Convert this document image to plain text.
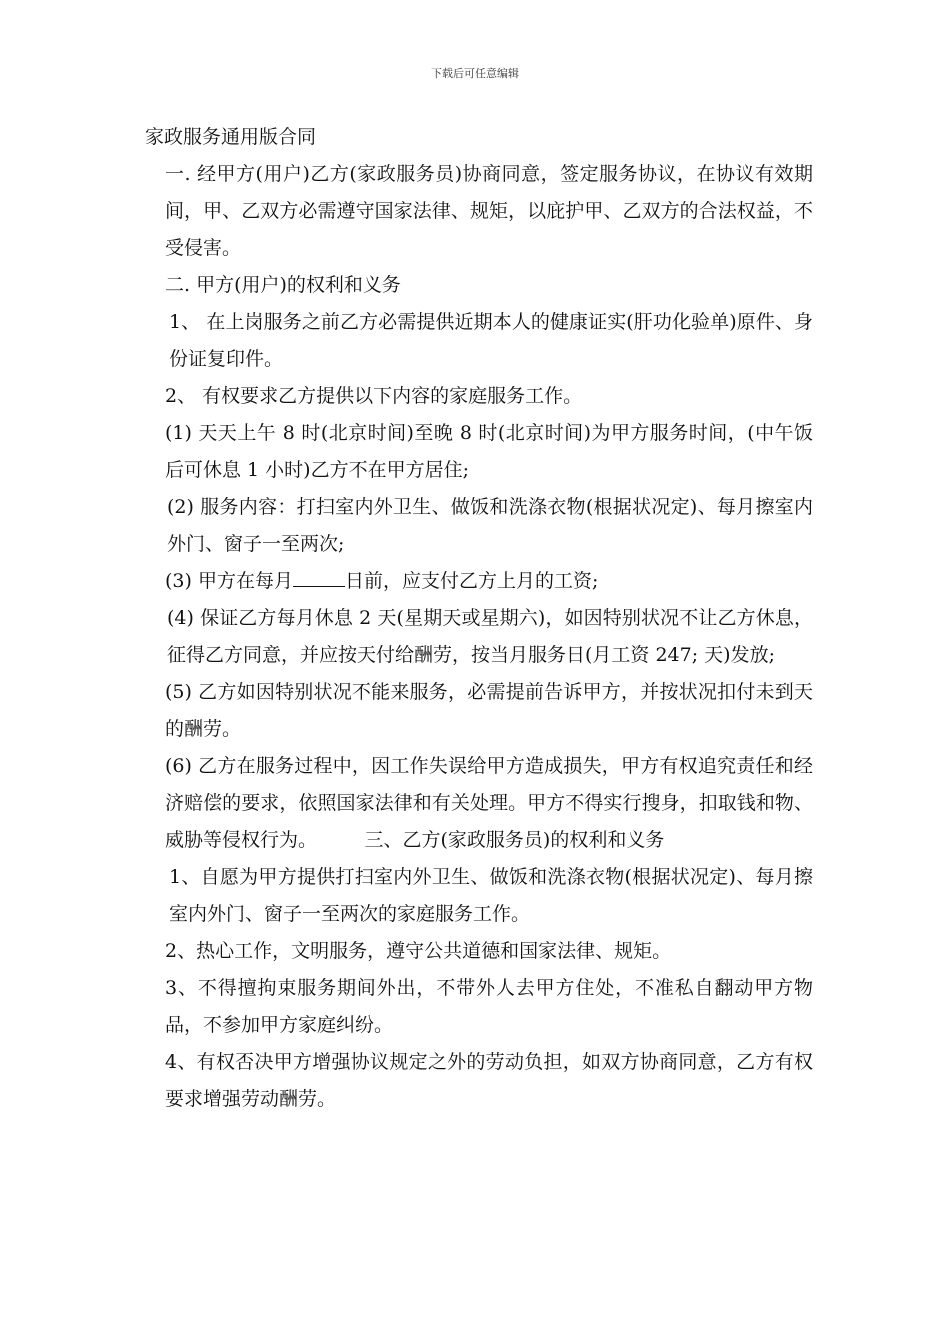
下载后可任意编辑

家政服务通用版合同

一. 经甲方(用户)乙方(家政服务员)协商同意，签定服务协议，在协议有效期间，甲、乙双方必需遵守国家法律、规矩，以庇护甲、乙双方的合法权益，不受侵害。

二. 甲方(用户)的权利和义务

1、 在上岗服务之前乙方必需提供近期本人的健康证实(肝功化验单)原件、身份证复印件。

2、 有权要求乙方提供以下内容的家庭服务工作。

(1) 天天上午 8 时(北京时间)至晚 8 时(北京时间)为甲方服务时间，(中午饭后可休息 1 小时)乙方不在甲方居住;

(2) 服务内容：打扫室内外卫生、做饭和洗涤衣物(根据状况定)、每月擦室内外门、窗子一至两次;

(3) 甲方在每月	日前，应支付乙方上月的工资;

(4) 保证乙方每月休息 2 天(星期天或星期六)，如因特别状况不让乙方休息，征得乙方同意，并应按天付给酬劳，按当月服务日(月工资 247; 天)发放;

(5) 乙方如因特别状况不能来服务，必需提前告诉甲方，并按状况扣付未到天的酬劳。

(6) 乙方在服务过程中，因工作失误给甲方造成损失，甲方有权追究责任和经济赔偿的要求，依照国家法律和有关处理。甲方不得实行搜身，扣取钱和物、威胁等侵权行为。　　　三、乙方(家政服务员)的权利和义务

1、自愿为甲方提供打扫室内外卫生、做饭和洗涤衣物(根据状况定)、每月擦室内外门、窗子一至两次的家庭服务工作。

2、热心工作，文明服务，遵守公共道德和国家法律、规矩。

3、不得擅拘束服务期间外出，不带外人去甲方住处，不准私自翻动甲方物品，不参加甲方家庭纠纷。

4、有权否决甲方增强协议规定之外的劳动负担，如双方协商同意，乙方有权要求增强劳动酬劳。
